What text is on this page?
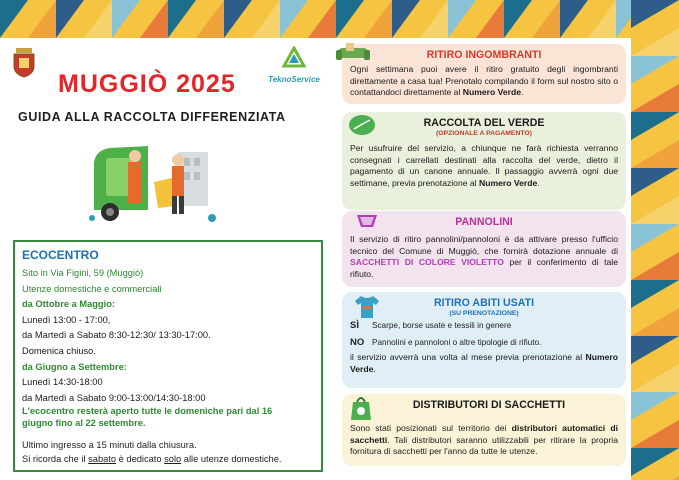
TeknoService
MUGGIÒ 2025
GUIDA ALLA RACCOLTA DIFFERENZIATA
ECOCENTRO
Sito in Via Figini, 59 (Muggiò)
Utenze domestiche e commerciali
da Ottobre a Maggio:
Lunedì 13:00 - 17:00,
da Martedì a Sabato 8:30-12:30/ 13:30-17:00.
Domenica chiuso.
da Giugno a Settembre:
Lunedì 14:30-18:00
da Martedì a Sabato 9:00-13:00/14:30-18:00
L'ecocentro resterà aperto tutte le domeniche pari dal 16
giugno fino al 22 settembre.
Ultimo ingresso a 15 minuti dalla chiusura.
Si ricorda che il sabato è dedicato solo alle utenze domestiche.
RITIRO INGOMBRANTI
Ogni settimana puoi avere il ritiro gratuito degli ingombranti direttamente a casa tua! Prenotalo compilando il form sul nostro sito o contattandoci direttamente al Numero Verde.
RACCOLTA DEL VERDE
(OPZIONALE A PAGAMENTO)
Per usufruire del servizio, a chiunque ne farà richiesta verranno consegnati i carrellati destinati alla raccolta del verde, dietro il pagamento di un canone annuale. Il passaggio avverrà ogni due settimane, previa prenotazione al Numero Verde.
PANNOLINI
Il servizio di ritiro pannolini/pannoloni è da attivare presso l'ufficio tecnico del Comune di Muggiò, che fornirà dotazione annuale di SACCHETTI DI COLORE VIOLETTO per il conferimento di tale rifiuto.
RITIRO ABITI USATI
(SU PRENOTAZIONE)
SÌ	Scarpe, borse usate e tessili in genere
NO Pannolini e pannoloni o altre tipologie di rifiuto.
il servizio avverrà una volta al mese previa prenotazione al Numero Verde.
DISTRIBUTORI DI SACCHETTI
Sono stati posizionati sul territorio dei distributori automatici di sacchetti. Tali distributori saranno utilizzabili per ritirare la propria fornitura di sacchetti per l'anno da tutte le utenze.
